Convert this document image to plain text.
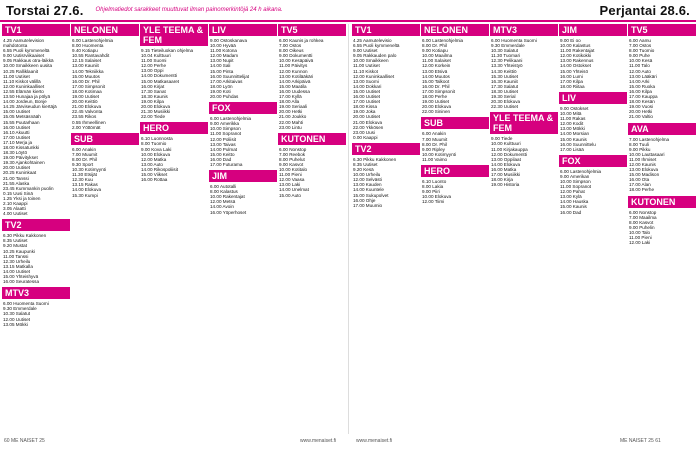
Torstai 27.6.	Ohjelmatiedot sarakkeet muuttuvat ilman painomerkintöjä 24 h aikana.	Perjantai 28.6.
TV1
4.25 Aamutelevision mahdotonta
6.55 Puoli kymmeneltä
9.00 Uutisrviikaaiset
9.05 Rakkaus otra-läikkä
10.00 Smaikkeen uusita
10.25 Ralliklaanit
11.00 Uutiset
11.10 Kiskot välillä
12.00 Kuninkaalliset
12.55 Elämän kierto
13.50 Hunajaa ja pölyä
14.00 Jordeun, Bonje
14.25 Järviseudun kiertäjä
15.00 Uutiset
15.05 Metsäsnääh
15.55 Puutarhaan
16.00 Uutiset
16.10 Akuutti
17.00 Uutiset
17.10 Merja ja
18.00 Kissatunkki
18.30 Löytö
19.00 Päivitykset
19.30 Ajankohtainen
20.00 Uutiset
20.25 Kuninkaat
21.00 Tanssi
21.55 Alaska
23.45 Kummankin puolin
0.15 Uusi Sinä
1.25 Yksi ja toinen
2.10 Kaappi
3.05 Alaatti
4.00 Uutiset
TV2
6.30 Pikku Kakkonen
8.35 Uutiset
9.20 Mustat
10.25 Kaupunki
11.00 Tanssi
12.30 Urheilu
13.15 Matkalla
14.00 Uutiset
15.00 Yhteishyvä
16.00 Seuratessa
MTV3
6.00 Huomenta Suomi
9.30 Emmerdale
10.30 Salatut
12.00 Uutiset
13.05 Mökki
NELONEN
6.00 Lastenohjelmia
8.00 Huomenta
9.40 Kotiapu
10.55 Rantavahdit
12.15 Salaiset
13.00 Kauniit
14.00 Tekniikka
15.00 Muutos
16.00 Dr. Phil
17.00 Simpsonit
18.00 Kotimaa
19.00 Uutiset
20.00 Keittiö
21.00 Elokuva
22.45 Valvonta
23.55 Rikos
0.55 Ihmeellinen
2.00 Yöttömät
SUB
6.00 Anakin
7.00 Muumit
8.00 Dr. Phil
9.30 Sport
10.30 Kotimyynti
11.30 Etsijät
12.30 Kuu
13.15 Rakas
14.00 Elokuva
15.30 Kumpi
YLE TEEMA & FEM
9.15 Tieteiluokan ohjelma
10.04 Kulttuuri
11.00 Suomi
12.00 Perhe
13.00 Oppi
14.00 Dokumentti
15.00 Matkasaaret
16.00 Kirjat
17.30 Sanat
18.30 Kaunis
19.00 Kilpa
20.00 Elokuva
21.30 Musiikki
22.00 Tiede
HERO
6.10 Luonnosta
8.00 Tuomio
9.00 Kova Laki
10.00 Elokuva
12.00 Matka
13.00 Auto
14.00 Rikospoliisit
15.00 Viikset
16.00 Rottaa
LIV
9.00 Ostoskanava
10.00 Hyvää
11.00 Kotona
12.00 Madam
13.00 Nupit
14.00 Sali
15.00 Pinta
16.00 Suunnittelijat
17.00 Arkitaivas
18.00 Lyön
19.00 Koti
20.00 Puhdas
FOX
6.00 Lastenohjelmia
9.00 Amerikka
10.00 Simpson
11.00 Sopranot
12.00 Poliisit
13.00 Taivas
14.00 Pulmat
15.00 Keitto
16.00 Dad
17.00 Futurama
JIM
6.00 Autotalli
8.00 Kalastus
10.00 Rakentajat
12.00 Metsä
14.00 Avoin
16.00 Yöperhoset
TV5
6.00 Kaunis ja rohkea
7.00 Ostos
8.00 Oikeus
9.00 Dokumentti
10.00 Kesäpäivä
11.00 Päivitys
12.00 Kunnon
13.00 Kotilääkäri
14.00 Arkipäivä
15.00 Maatila
16.00 Uudessa
17.00 Kyllä
18.00 Alla
19.00 Seriaali
20.00 Hetki
21.00 Joukko
22.00 Mahti
23.00 Lintu
KUTONEN
6.00 Nonstop
7.00 Reebok
8.00 Puhelut
9.00 Kasvot
10.00 Kotitalo
11.00 Pieni
12.00 Vaasa
13.00 Laki
14.00 Unelmat
15.00 Auto
TV1
4.25 Aamutelevisio
6.55 Puoli kymmeneltä
9.00 Uutiset
9.05 Rakkauden palo
10.00 Smaikkeen
11.00 Uutiset
11.10 Kiskot
12.00 Kuninkaalliset
13.00 Suomi
14.00 Dokkari
15.00 Uutiset
16.00 Uutiset
17.00 Uutiset
18.00 Kissa
19.00 Joka
20.00 Uutiset
21.00 Elokuva
22.00 Ykkösen
23.00 Uusi
0.00 Kaappi
TV2
6.30 Pikku Kakkonen
8.35 Uutiset
9.20 Kesä
10.00 Urheilu
12.00 Selvästi
13.00 Kauden
14.00 Kuuntele
15.00 Sukupolvet
16.00 Ohje
17.00 Muumio
NELONEN
6.00 Lastenohjelmia
8.00 Dr. Phil
9.00 Kotiapu
10.00 Maailma
11.00 Salaiset
12.00 Korkein
13.00 Etsivä
14.00 Muutos
15.00 Talkoot
16.00 Dr. Phil
17.00 Simpsonit
18.00 Perhe
19.00 Uutiset
20.00 Elokuva
22.00 Sininen
SUB
6.00 Anakin
7.00 Muumit
8.00 Dr. Phil
9.00 Ripley
10.00 Kotimyynti
11.00 Vaimo
HERO
6.10 Luonto
8.00 Lakia
9.00 Piiri
10.00 Elokuva
12.00 Tiimi
MTV3
6.00 Huomenta Suomi
9.30 Emmerdale
10.30 Salatut
11.30 Tuomari
12.30 Pelikaani
13.30 Yhteistyö
14.30 Keittiö
15.30 Uutiset
16.30 Kauniit
17.30 Salatut
18.30 Uutiset
19.30 Serial
20.30 Elokuva
22.30 Uutiset
YLE TEEMA & FEM
9.00 Tiede
10.00 Kulttuuri
11.00 Kirjakauppa
12.00 Dokumentti
13.00 Oppilaat
14.00 Elokuva
16.00 Matka
17.00 Musiikki
18.00 Kirja
19.00 Historia
JIM
9.00 Ei oo
10.00 Kalastus
11.00 Rakentajat
12.00 Kotikokki
13.00 Rakennus
14.00 Ostokset
15.00 Yhteisö
16.00 Lumi
17.00 Kilpa
18.00 Riitaa
LIV
9.00 Ostokset
10.00 Mitä
11.00 Rakas
12.00 Kodit
13.00 Mökki
14.00 Morsian
15.00 Kaunis
16.00 Suunnittelu
17.00 Lisää
FOX
6.00 Lastenohjelmia
9.00 Amerikan
10.00 Simpson
11.00 Sopranot
12.00 Pahat
13.00 Kylä
14.00 Hauska
15.00 Kaunis
16.00 Dad
TV5
6.00 Aamu
7.00 Ostos
8.00 Tuomio
9.00 Puhe
10.00 Kesä
11.00 Talo
12.00 Auto
13.00 Lääkäri
14.00 Arki
15.00 Ruoka
16.00 Kilpa
17.00 Kauppa
18.00 Kesän
19.00 Vuosi
20.00 Hetki
21.00 Valtio
AVA
7.00 Lastenohjelma
8.00 Tuuli
9.00 Pikku
10.00 Lauttasaari
11.00 Ihmiset
12.00 Kaunis
13.00 Elokuva
15.00 Madison
16.00 Ota
17.00 Alan
18.00 Perhe
KUTONEN
6.00 Nonstop
7.00 Maailma
8.00 Kasvot
9.00 Puhelin
10.00 Talo
11.00 Pieni
12.00 Laki
60 ME NAISET 25	www.menaiset.fi	www.menaiset.fi	ME NAISET 25 61
